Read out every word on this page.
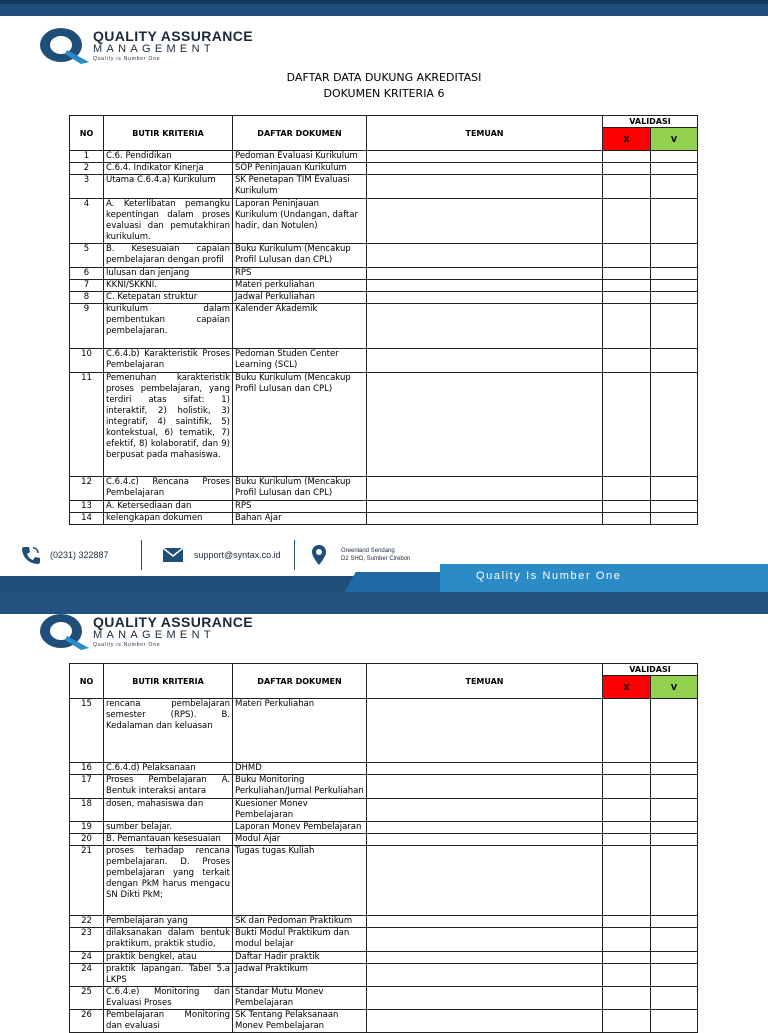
QUALITY ASSURANCE
MANAGEMENT
Quality is Number One
DAFTAR DATA DUKUNG AKREDITASI
DOKUMEN KRITERIA 6
NO	BUTIR KRITERIA	DAFTAR DOKUMEN	TEMUAN	VALIDASI	
				X	V
1	C.6. Pendidikan	Pedoman Evaluasi Kurikulum			
2	C.6.4. Indikator Kinerja	SOP Peninjauan Kurikulum			
3	Utama C.6.4.a) Kurikulum	SK Penetapan TIM Evaluasi Kurikulum			
4	A. Keterlibatan pemangku kepentingan dalam proses evaluasi dan pemutakhiran kurikulum.	Laporan Peninjauan Kurikulum (Undangan, daftar hadir, dan Notulen)			
5	B. Kesesuaian capaian pembelajaran dengan profil	Buku Kurikulum (Mencakup Profil Lulusan dan CPL)			
6	lulusan dan jenjang	RPS			
7	KKNI/SKKNI.	Materi perkuliahan			
8	C. Ketepatan struktur	Jadwal Perkuliahan			
9	kurikulum dalam pembentukan capaian pembelajaran.	Kalender Akademik			
10	C.6.4.b) Karakteristik Proses Pembelajaran	Pedoman Studen Center Learning (SCL)			
11	Pemenuhan karakteristik proses pembelajaran, yang terdiri atas sifat: 1) interaktif, 2) holistik, 3) integratif, 4) saintifik, 5) kontekstual, 6) tematik, 7) efektif, 8) kolaboratif, dan 9) berpusat pada mahasiswa.	Buku Kurikulum (Mencakup Profil Lulusan dan CPL)			
12	C.6.4.c) Rencana Proses Pembelajaran	Buku Kurikulum (Mencakup Profil Lulusan dan CPL)			
13	A. Ketersediaan dan	RPS			
14	kelengkapan dokumen	Bahan Ajar			
(0231) 322887	support@syntax.co.id	Greenland Sendang
D2 SHO, Sumber Cirebon
Quality Is Number One
QUALITY ASSURANCE
MANAGEMENT
Quality is Number One
NO	BUTIR KRITERIA	DAFTAR DOKUMEN	TEMUAN	VALIDASI	
				X	V
15	rencana pembelajaran semester (RPS). B. Kedalaman dan keluasan	Materi Perkuliahan			
16	C.6.4.d) Pelaksanaan	DHMD			
17	Proses Pembelajaran A. Bentuk interaksi antara	Buku Monitoring Perkuliahan/Jurnal Perkuliahan			
18	dosen, mahasiswa dan	Kuesioner Monev Pembelajaran			
19	sumber belajar.	Laporan Monev Pembelajaran			
20	B. Pemantauan kesesuaian	Modul Ajar			
21	proses terhadap rencana pembelajaran. D. Proses pembelajaran yang terkait dengan PkM harus mengacu SN Dikti PkM;	Tugas tugas Kuliah			
22	Pembelajaran yang	SK dan Pedoman Praktikum			
23	dilaksanakan dalam bentuk praktikum, praktik studio,	Bukti Modul Praktikum dan modul belajar			
24	praktik bengkel, atau	Daftar Hadir praktik			
24	praktik lapangan. Tabel 5.a LKPS	Jadwal Praktikum			
25	C.6.4.e) Monitoring dan Evaluasi Proses	Standar Mutu Monev Pembelajaran			
26	Pembelajaran Monitoring dan evaluasi	SK Tentang Pelaksanaan Monev Pembelajaran			
